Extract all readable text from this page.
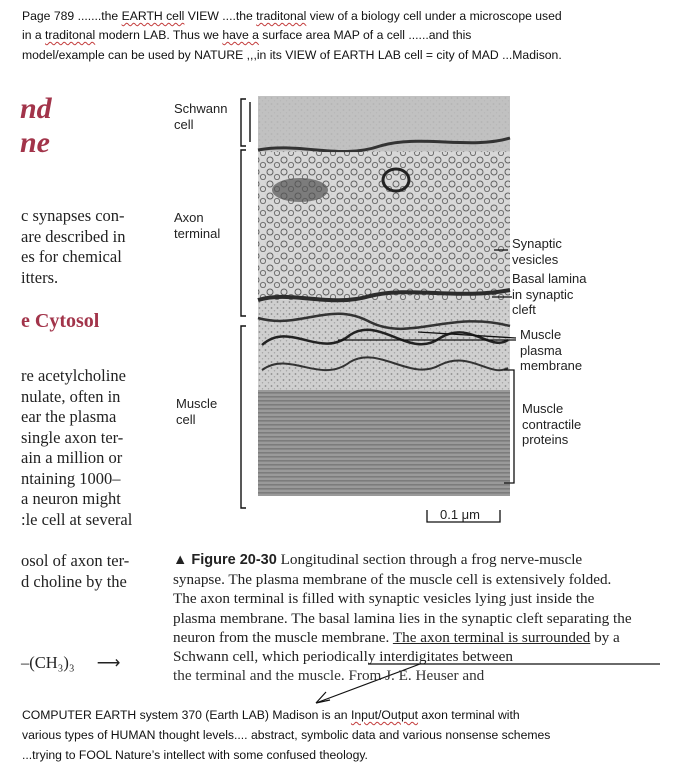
Page 789 .......the EARTH cell VIEW ....the traditonal view of a biology cell under a microscope used
in a traditonal modern LAB. Thus we have a surface area MAP of a cell ......and this
model/example can be used by NATURE ,,,in its VIEW of EARTH LAB cell = city of MAD ...Madison.
nd
ne
c synapses con-
are described in
es for chemical
itters.
e Cytosol
re acetylcholine
nulate, often in
ear the plasma
single axon ter-
ain a million or
ntaining 1000–
a neuron might
:le cell at several
osol of axon ter-
d choline by the
–(CH₃)₃ ⟶
Schwann
cell
Axon
terminal
Muscle
cell
Synaptic
vesicles
Basal lamina
in synaptic
cleft
Muscle
plasma
membrane
Muscle
contractile
proteins
0.1 μm
▲ Figure 20-30 Longitudinal section through a frog nerve-muscle synapse. The plasma membrane of the muscle cell is extensively folded. The axon terminal is filled with synaptic vesicles lying just inside the plasma membrane. The basal lamina lies in the synaptic cleft separating the neuron from the muscle membrane. The axon terminal is surrounded by a Schwann cell, which periodically interdigitates between
COMPUTER EARTH system 370 (Earth LAB) Madison is an Input/Output axon terminal with
various types of HUMAN thought levels.... abstract, symbolic data and various nonsense schemes
...trying to FOOL Nature’s intellect with some confused theology.
